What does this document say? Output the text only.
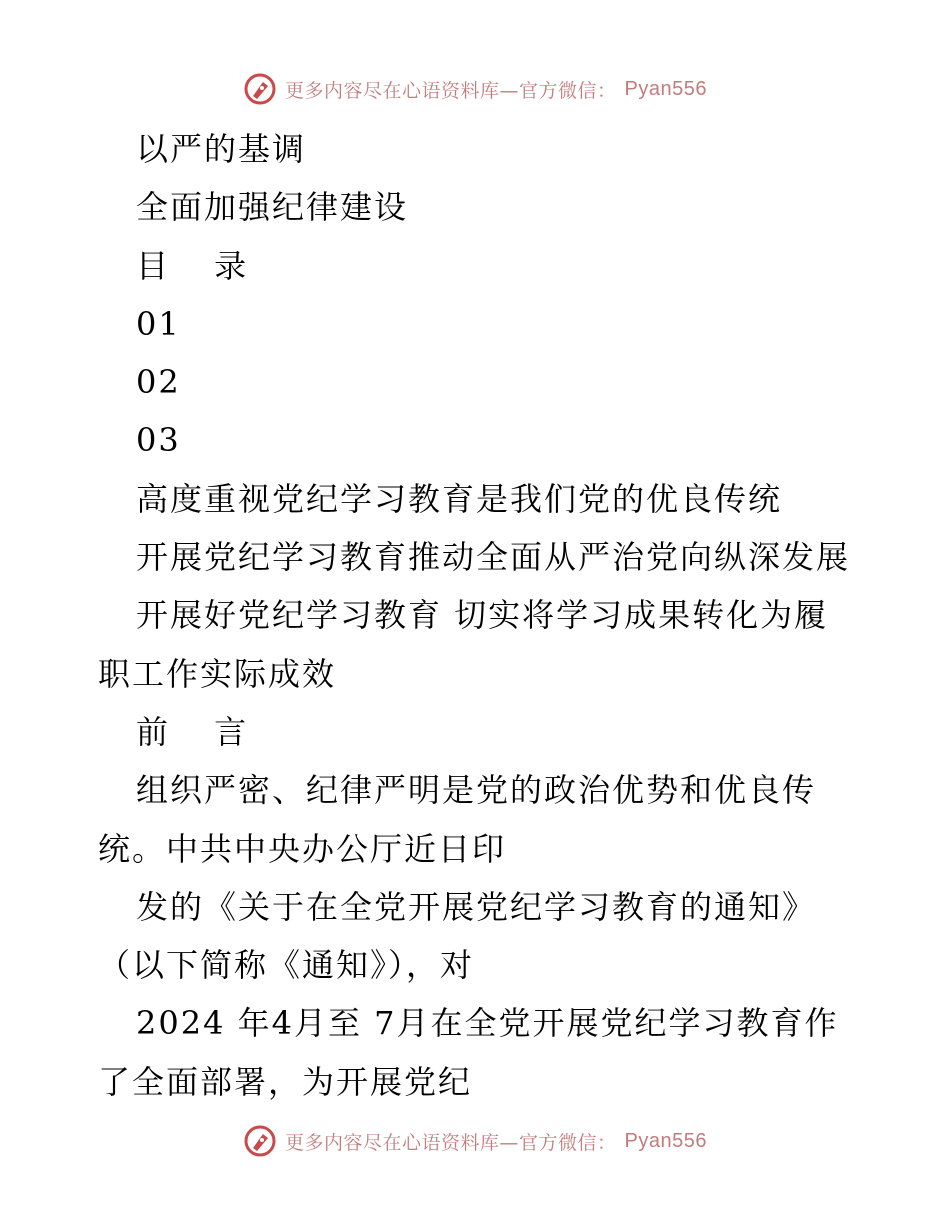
更多内容尽在心语资料库—官方微信： Pyan556
以严的基调
全面加强纪律建设
目 录
01
02
03
高度重视党纪学习教育是我们党的优良传统
开展党纪学习教育推动全面从严治党向纵深发展
开展好党纪学习教育 切实将学习成果转化为履
职工作实际成效
前 言
组织严密、纪律严明是党的政治优势和优良传
统。中共中央办公厅近日印
发的《关于在全党开展党纪学习教育的通知》
（以下简称《通知》），对
2024 年4月至 7月在全党开展党纪学习教育作
了全面部署，为开展党纪
更多内容尽在心语资料库—官方微信： Pyan556
